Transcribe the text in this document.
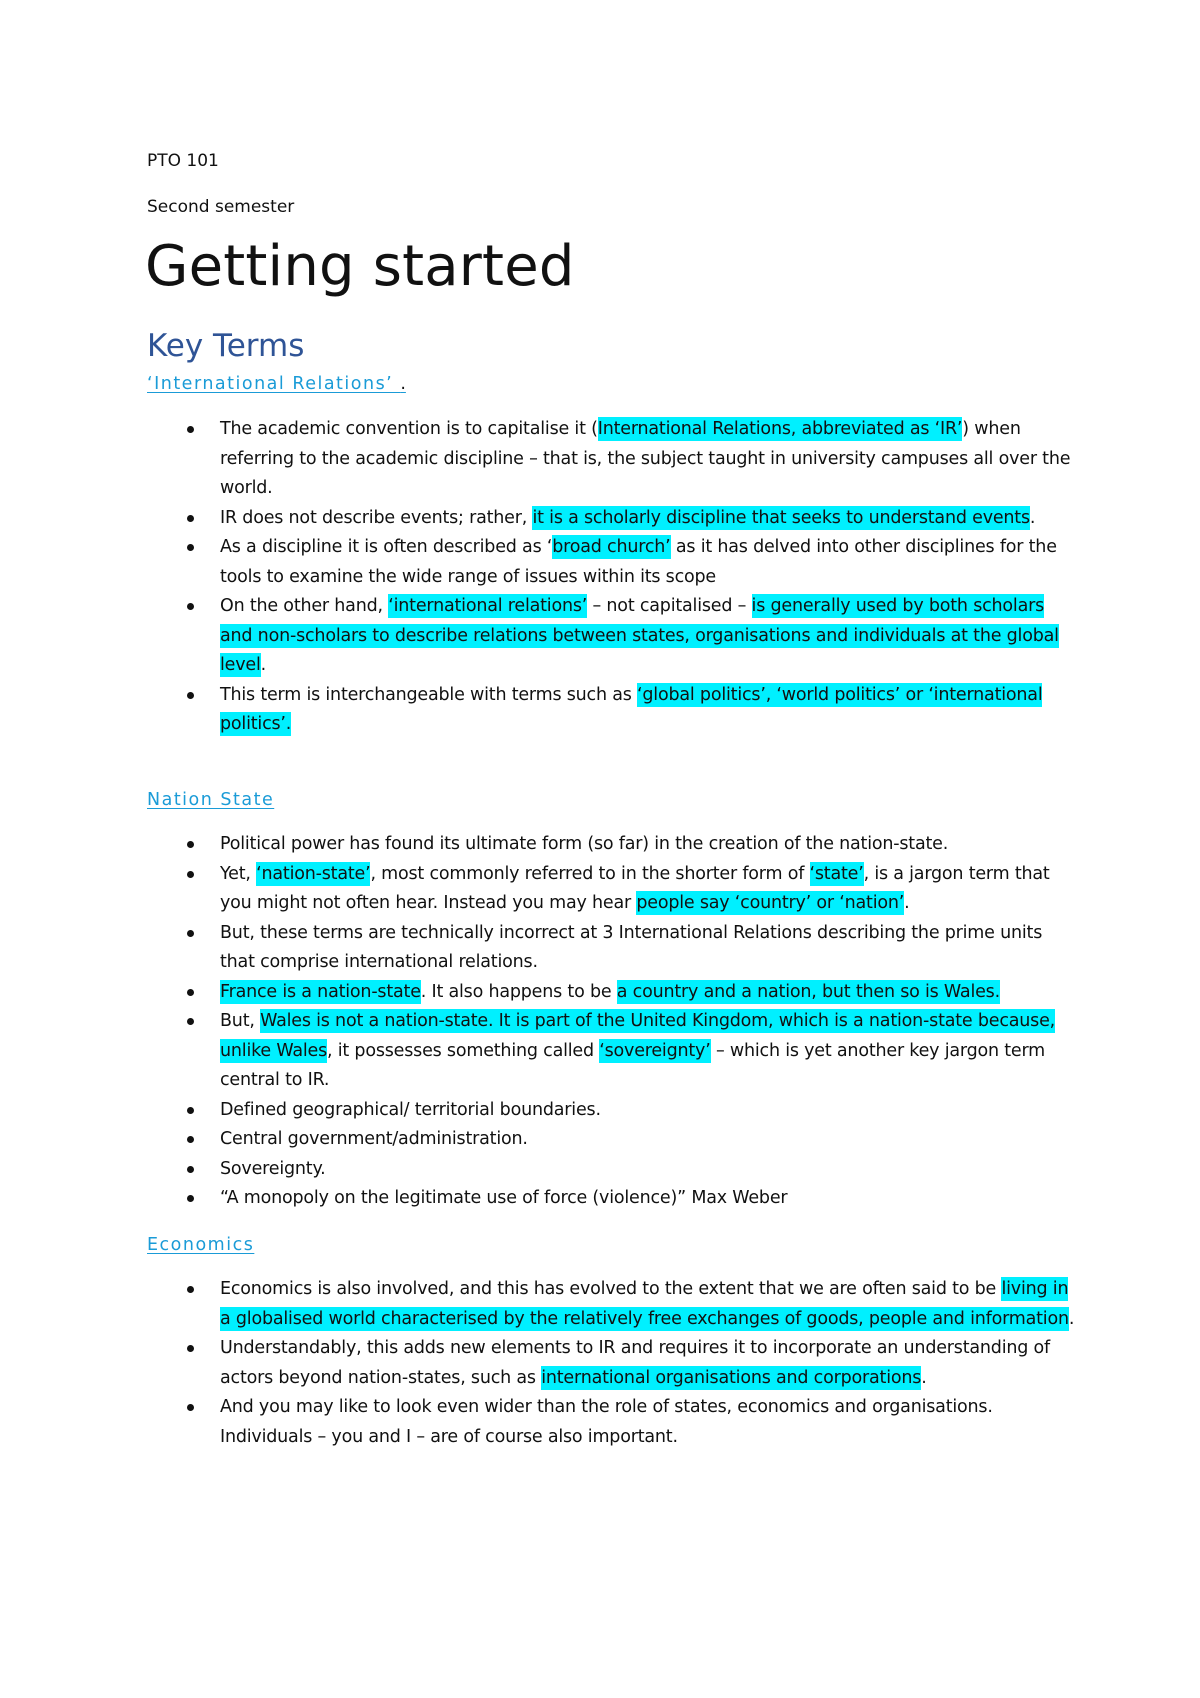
PTO 101
Second semester
Getting started
Key Terms
‘International Relations’ .
The academic convention is to capitalise it (International Relations, abbreviated as ‘IR’) when referring to the academic discipline – that is, the subject taught in university campuses all over the world.
IR does not describe events; rather, it is a scholarly discipline that seeks to understand events.
As a discipline it is often described as ‘broad church’ as it has delved into other disciplines for the tools to examine the wide range of issues within its scope
On the other hand, ‘international relations’ – not capitalised – is generally used by both scholars and non-scholars to describe relations between states, organisations and individuals at the global level.
This term is interchangeable with terms such as ‘global politics’, ‘world politics’ or ‘international politics’.
Nation State
Political power has found its ultimate form (so far) in the creation of the nation-state.
Yet, ‘nation-state’, most commonly referred to in the shorter form of ‘state’, is a jargon term that you might not often hear. Instead you may hear people say ‘country’ or ‘nation’.
But, these terms are technically incorrect at 3 International Relations describing the prime units that comprise international relations.
France is a nation-state. It also happens to be a country and a nation, but then so is Wales.
But, Wales is not a nation-state. It is part of the United Kingdom, which is a nation-state because, unlike Wales, it possesses something called ‘sovereignty’ – which is yet another key jargon term central to IR.
Defined geographical/ territorial boundaries.
Central government/administration.
Sovereignty.
“A monopoly on the legitimate use of force (violence)” Max Weber
Economics
Economics is also involved, and this has evolved to the extent that we are often said to be living in a globalised world characterised by the relatively free exchanges of goods, people and information.
Understandably, this adds new elements to IR and requires it to incorporate an understanding of actors beyond nation-states, such as international organisations and corporations.
And you may like to look even wider than the role of states, economics and organisations. Individuals – you and I – are of course also important.
